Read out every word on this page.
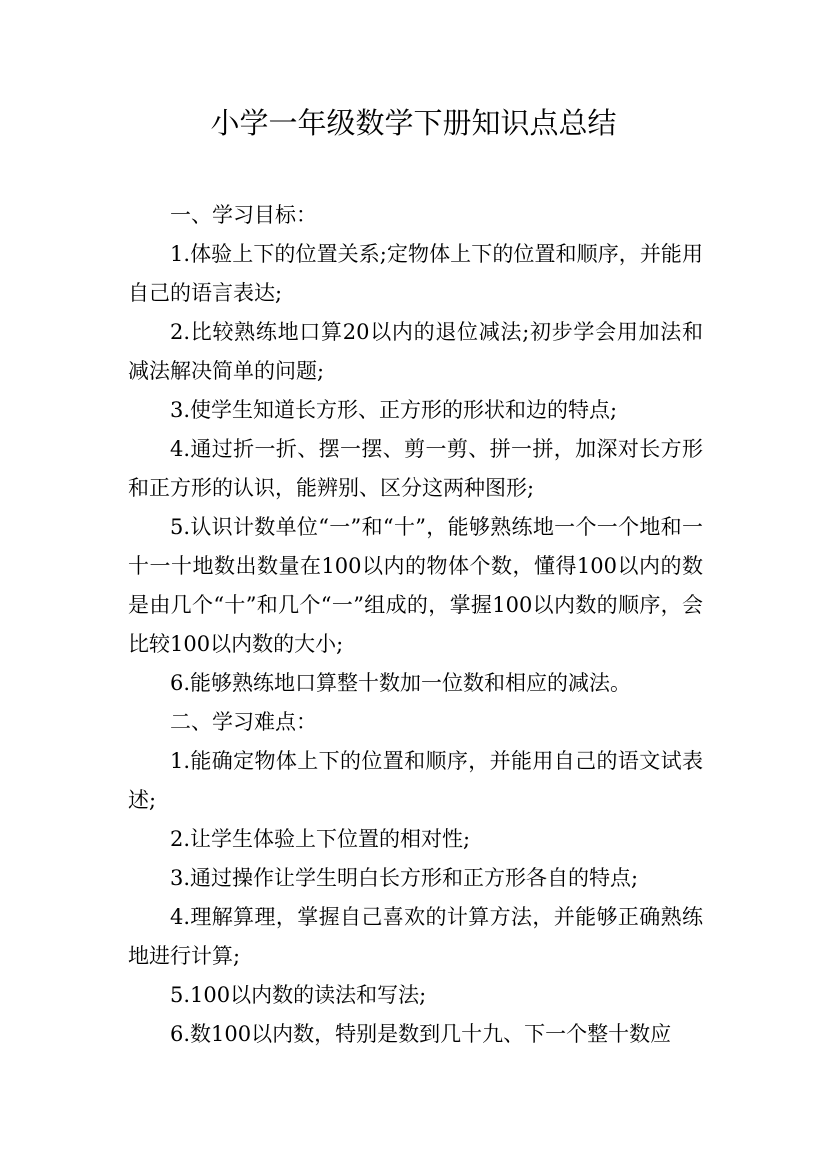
小学一年级数学下册知识点总结

一、学习目标：

1.体验上下的位置关系;定物体上下的位置和顺序，并能用自己的语言表达;

2.比较熟练地口算20以内的退位减法;初步学会用加法和减法解决简单的问题;

3.使学生知道长方形、正方形的形状和边的特点;

4.通过折一折、摆一摆、剪一剪、拼一拼，加深对长方形和正方形的认识，能辨别、区分这两种图形;

5.认识计数单位“一”和“十”，能够熟练地一个一个地和一十一十地数出数量在100以内的物体个数，懂得100以内的数是由几个“十”和几个“一”组成的，掌握100以内数的顺序，会比较100以内数的大小;

6.能够熟练地口算整十数加一位数和相应的减法。

二、学习难点：

1.能确定物体上下的位置和顺序，并能用自己的语文试表述;

2.让学生体验上下位置的相对性;

3.通过操作让学生明白长方形和正方形各自的特点;

4.理解算理，掌握自己喜欢的计算方法，并能够正确熟练地进行计算;

5.100以内数的读法和写法;

6.数100以内数，特别是数到几十九、下一个整十数应
